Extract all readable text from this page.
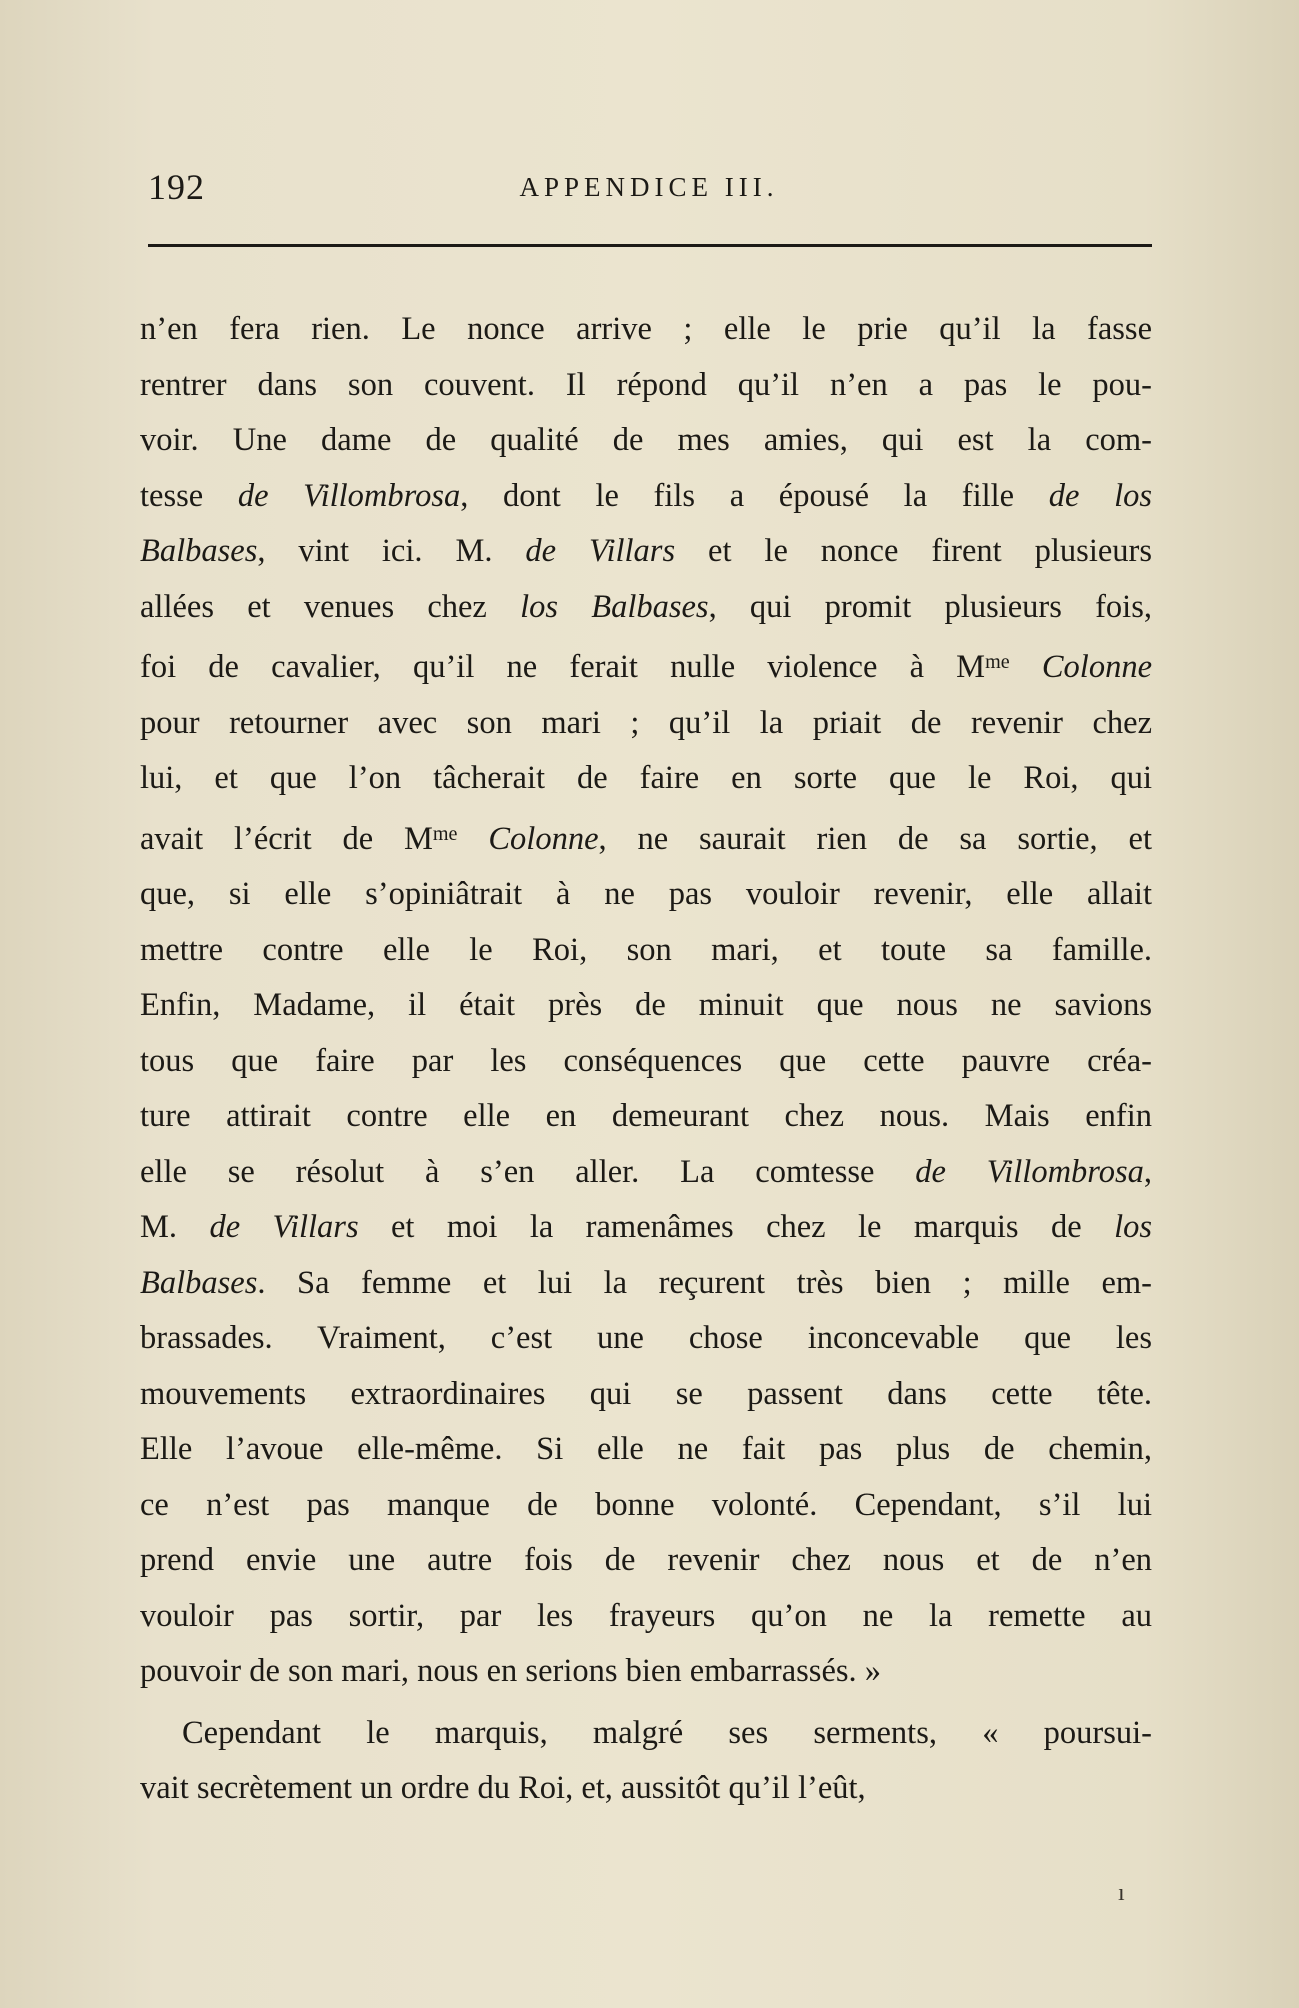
192	APPENDICE III.
n’en fera rien. Le nonce arrive ; elle le prie qu’il la fasse
rentrer dans son couvent. Il répond qu’il n’en a pas le pou-
voir. Une dame de qualité de mes amies, qui est la com-
tesse de Villombrosa, dont le fils a épousé la fille de los
Balbases, vint ici. M. de Villars et le nonce firent plusieurs
allées et venues chez los Balbases, qui promit plusieurs fois,
foi de cavalier, qu’il ne ferait nulle violence à $M^{me}$ Colonne
pour retourner avec son mari ; qu’il la priait de revenir chez
lui, et que l’on tâcherait de faire en sorte que le Roi, qui
avait l’écrit de $M^{me}$ Colonne, ne saurait rien de sa sortie, et
que, si elle s’opiniâtrait à ne pas vouloir revenir, elle allait
mettre contre elle le Roi, son mari, et toute sa famille.
Enfin, Madame, il était près de minuit que nous ne savions
tous que faire par les conséquences que cette pauvre créa-
ture attirait contre elle en demeurant chez nous. Mais enfin
elle se résolut à s’en aller. La comtesse de Villombrosa,
M. de Villars et moi la ramenâmes chez le marquis de los
Balbases. Sa femme et lui la reçurent très bien ; mille em-
brassades. Vraiment, c’est une chose inconcevable que les
mouvements extraordinaires qui se passent dans cette tête.
Elle l’avoue elle-même. Si elle ne fait pas plus de chemin,
ce n’est pas manque de bonne volonté. Cependant, s’il lui
prend envie une autre fois de revenir chez nous et de n’en
vouloir pas sortir, par les frayeurs qu’on ne la remette au
pouvoir de son mari, nous en serions bien embarrassés. »
Cependant le marquis, malgré ses serments, « poursui-
vait secrètement un ordre du Roi, et, aussitôt qu’il l’eût,
ı
